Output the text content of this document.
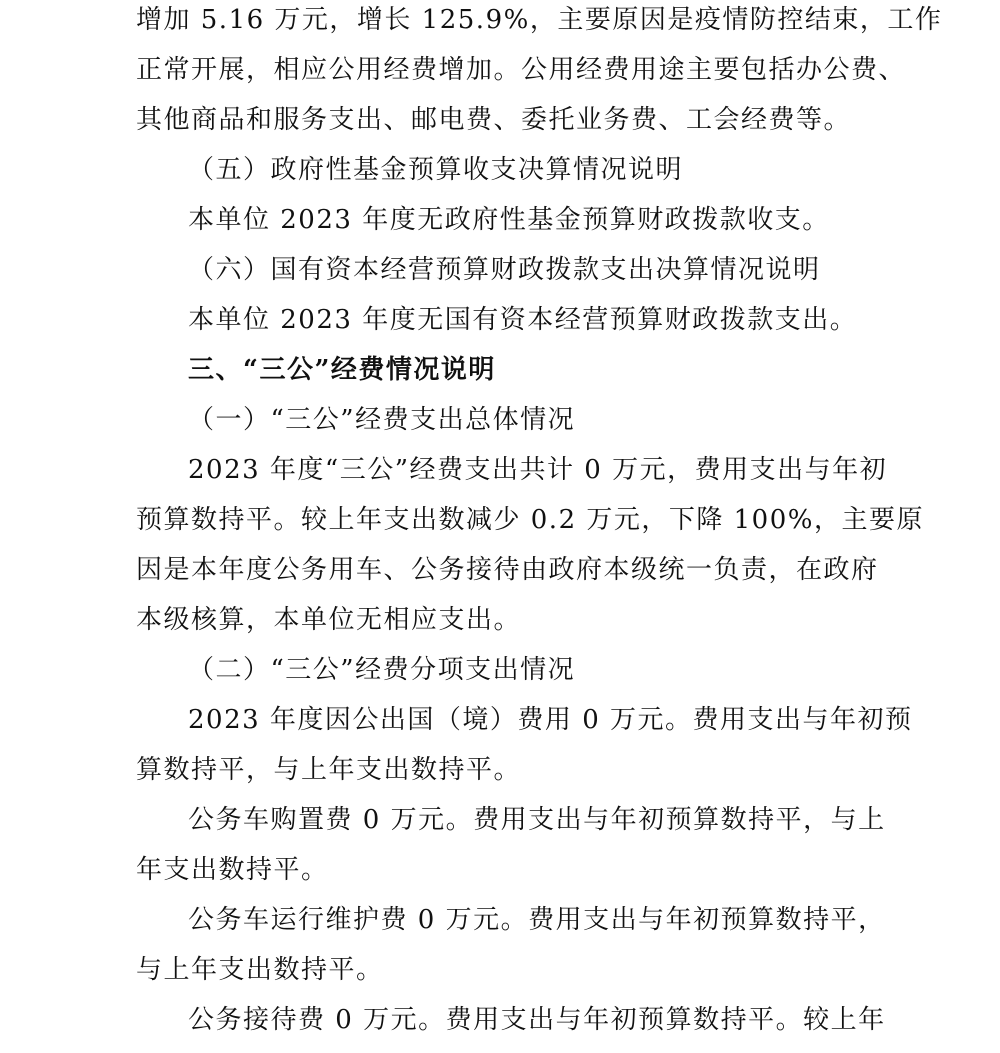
增加 5.16 万元，增长 125.9%，主要原因是疫情防控结束，工作

正常开展，相应公用经费增加。公用经费用途主要包括办公费、

其他商品和服务支出、邮电费、委托业务费、工会经费等。

（五）政府性基金预算收支决算情况说明

本单位 2023 年度无政府性基金预算财政拨款收支。

（六）国有资本经营预算财政拨款支出决算情况说明

本单位 2023 年度无国有资本经营预算财政拨款支出。

三、“三公”经费情况说明

（一）“三公”经费支出总体情况

2023 年度“三公”经费支出共计 0 万元，费用支出与年初

预算数持平。较上年支出数减少 0.2 万元，下降 100%，主要原

因是本年度公务用车、公务接待由政府本级统一负责，在政府

本级核算，本单位无相应支出。

（二）“三公”经费分项支出情况

2023 年度因公出国（境）费用 0 万元。费用支出与年初预

算数持平，与上年支出数持平。

公务车购置费 0 万元。费用支出与年初预算数持平，与上

年支出数持平。

公务车运行维护费 0 万元。费用支出与年初预算数持平，

与上年支出数持平。

公务接待费 0 万元。费用支出与年初预算数持平。较上年
